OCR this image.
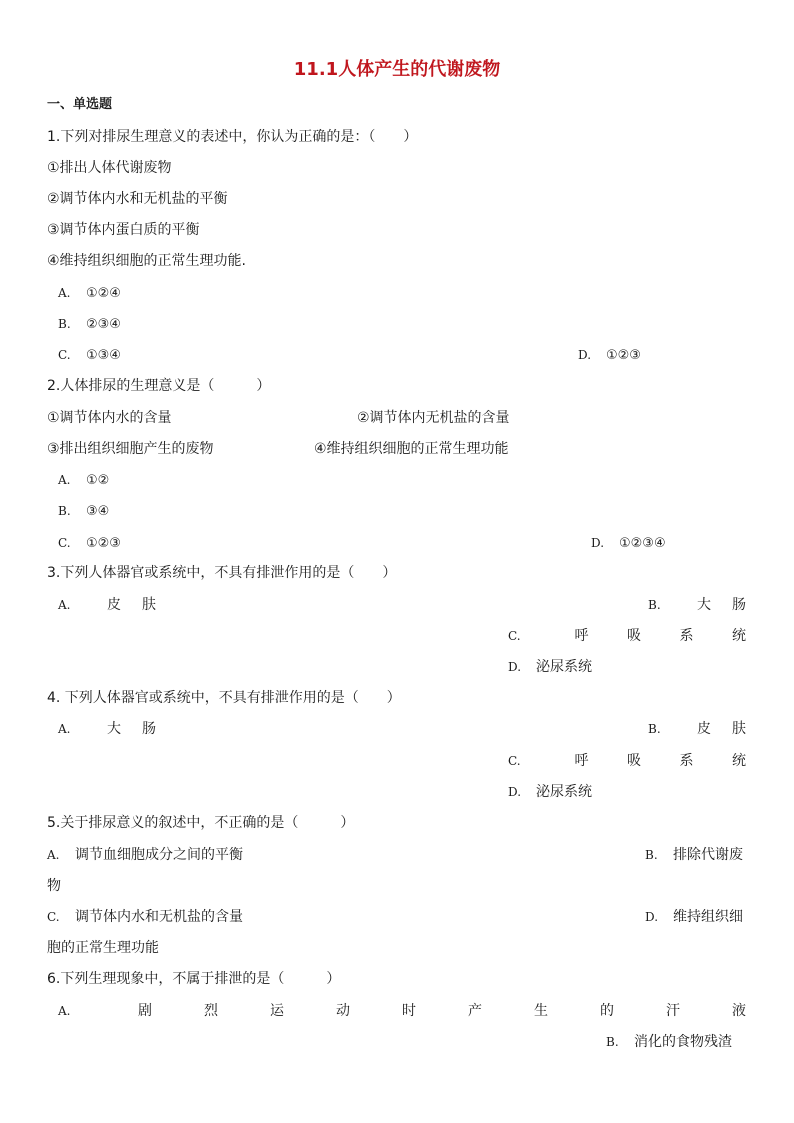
11.1人体产生的代谢废物
一、单选题
1.下列对排尿生理意义的表述中，你认为正确的是：（　　）
①排出人体代谢废物
②调节体内水和无机盐的平衡
③调节体内蛋白质的平衡
④维持组织细胞的正常生理功能.
A. ①②④
B. ②③④
C. ①③④	D. ①②③
2.人体排尿的生理意义是（　　　）
①调节体内水的含量	②调节体内无机盐的含量
③排出组织细胞产生的废物	④维持组织细胞的正常生理功能
A. ①②
B. ③④
C. ①②③	D. ①②③④
3.下列人体器官或系统中，不具有排泄作用的是（　　）
A.	皮 肤	B.	大 肠
C.	呼	吸	系	统
D. 泌尿系统
4. 下列人体器官或系统中，不具有排泄作用的是（　　）
A.	大 肠	B.	皮 肤
C.	呼	吸	系	统
D. 泌尿系统
5.关于排尿意义的叙述中，不正确的是（　　　）
A. 调节血细胞成分之间的平衡	B. 排除代谢废
物
C. 调节体内水和无机盐的含量	D. 维持组织细
胞的正常生理功能
6.下列生理现象中，不属于排泄的是（　　　）
A.	剧	烈	运	动	时	产	生	的	汗	液
B. 消化的食物残渣
